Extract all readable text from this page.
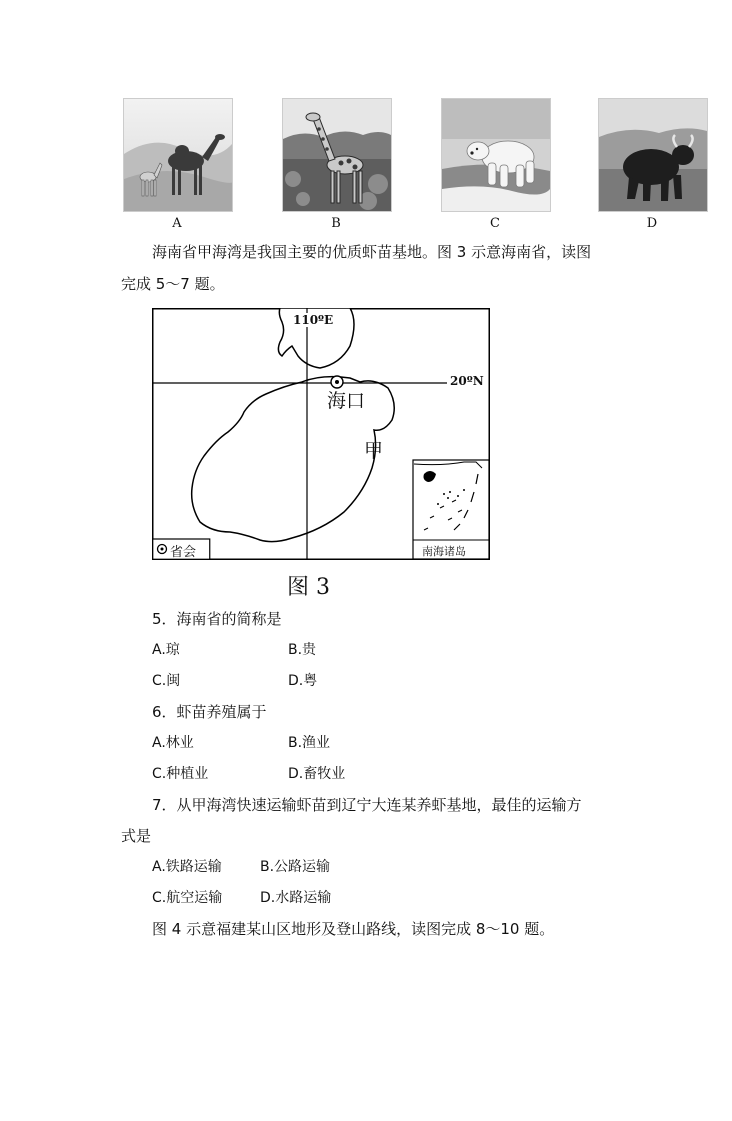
A	B	C	D
海南省甲海湾是我国主要的优质虾苗基地。图 3 示意海南省，读图
完成 5～7 题。
110ºE
20ºN
海口
甲
省会	南海诸岛
图 3
5．海南省的简称是
A.琼	B.贵
C.闽	D.粤
6．虾苗养殖属于
A.林业	B.渔业
C.种植业	D.畜牧业
7．从甲海湾快速运输虾苗到辽宁大连某养虾基地，最佳的运输方
式是
A.铁路运输	B.公路运输
C.航空运输	D.水路运输
图 4 示意福建某山区地形及登山路线，读图完成 8～10 题。
